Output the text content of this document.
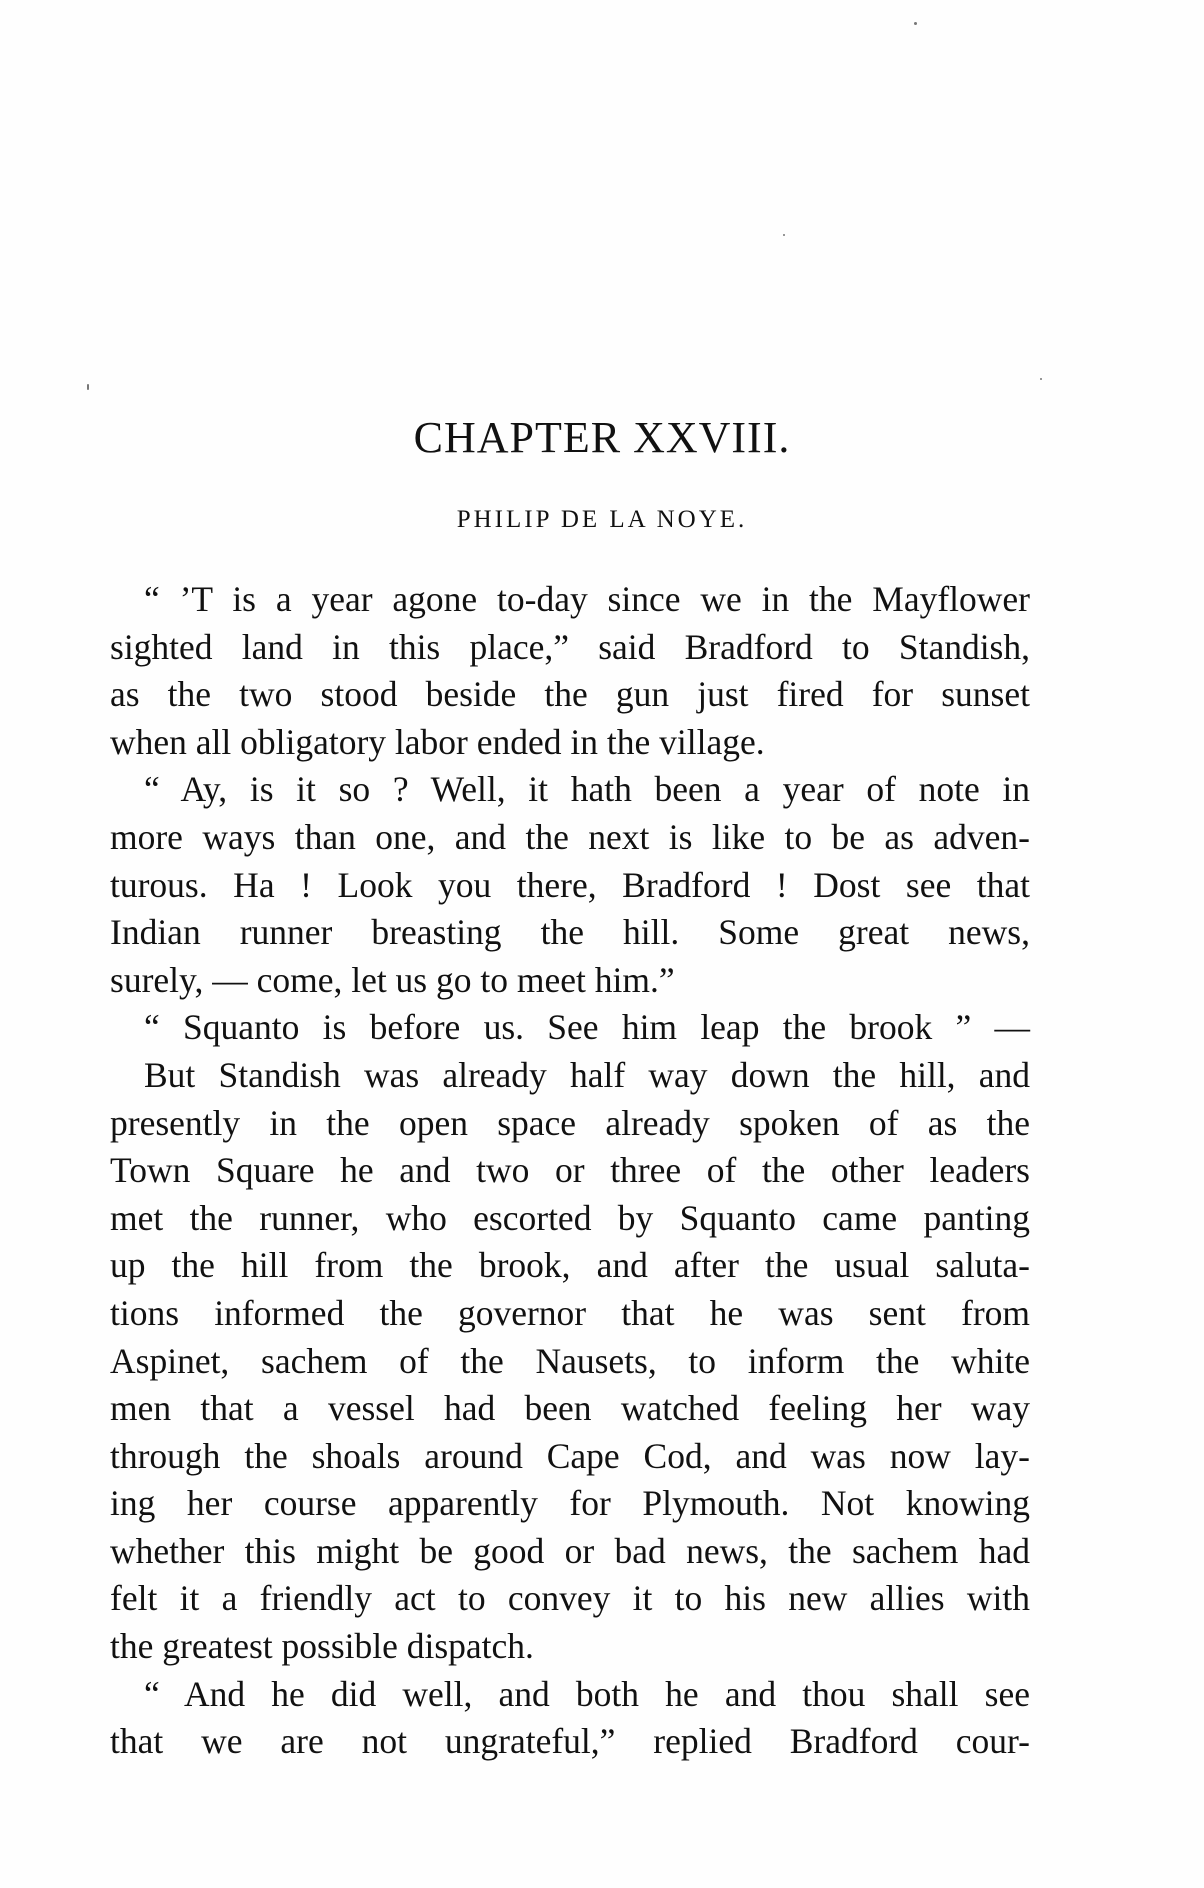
CHAPTER XXVIII.
PHILIP DE LA NOYE.
“ ’T is a year agone to-day since we in the Mayflower
sighted land in this place,” said Bradford to Standish,
as the two stood beside the gun just fired for sunset
when all obligatory labor ended in the village.
“ Ay, is it so ? Well, it hath been a year of note in
more ways than one, and the next is like to be as adven-
turous. Ha ! Look you there, Bradford ! Dost see that
Indian runner breasting the hill. Some great news,
surely, — come, let us go to meet him.”
“ Squanto is before us. See him leap the brook ” —
But Standish was already half way down the hill, and
presently in the open space already spoken of as the
Town Square he and two or three of the other leaders
met the runner, who escorted by Squanto came panting
up the hill from the brook, and after the usual saluta-
tions informed the governor that he was sent from
Aspinet, sachem of the Nausets, to inform the white
men that a vessel had been watched feeling her way
through the shoals around Cape Cod, and was now lay-
ing her course apparently for Plymouth. Not knowing
whether this might be good or bad news, the sachem had
felt it a friendly act to convey it to his new allies with
the greatest possible dispatch.
“ And he did well, and both he and thou shall see
that we are not ungrateful,” replied Bradford cour-
